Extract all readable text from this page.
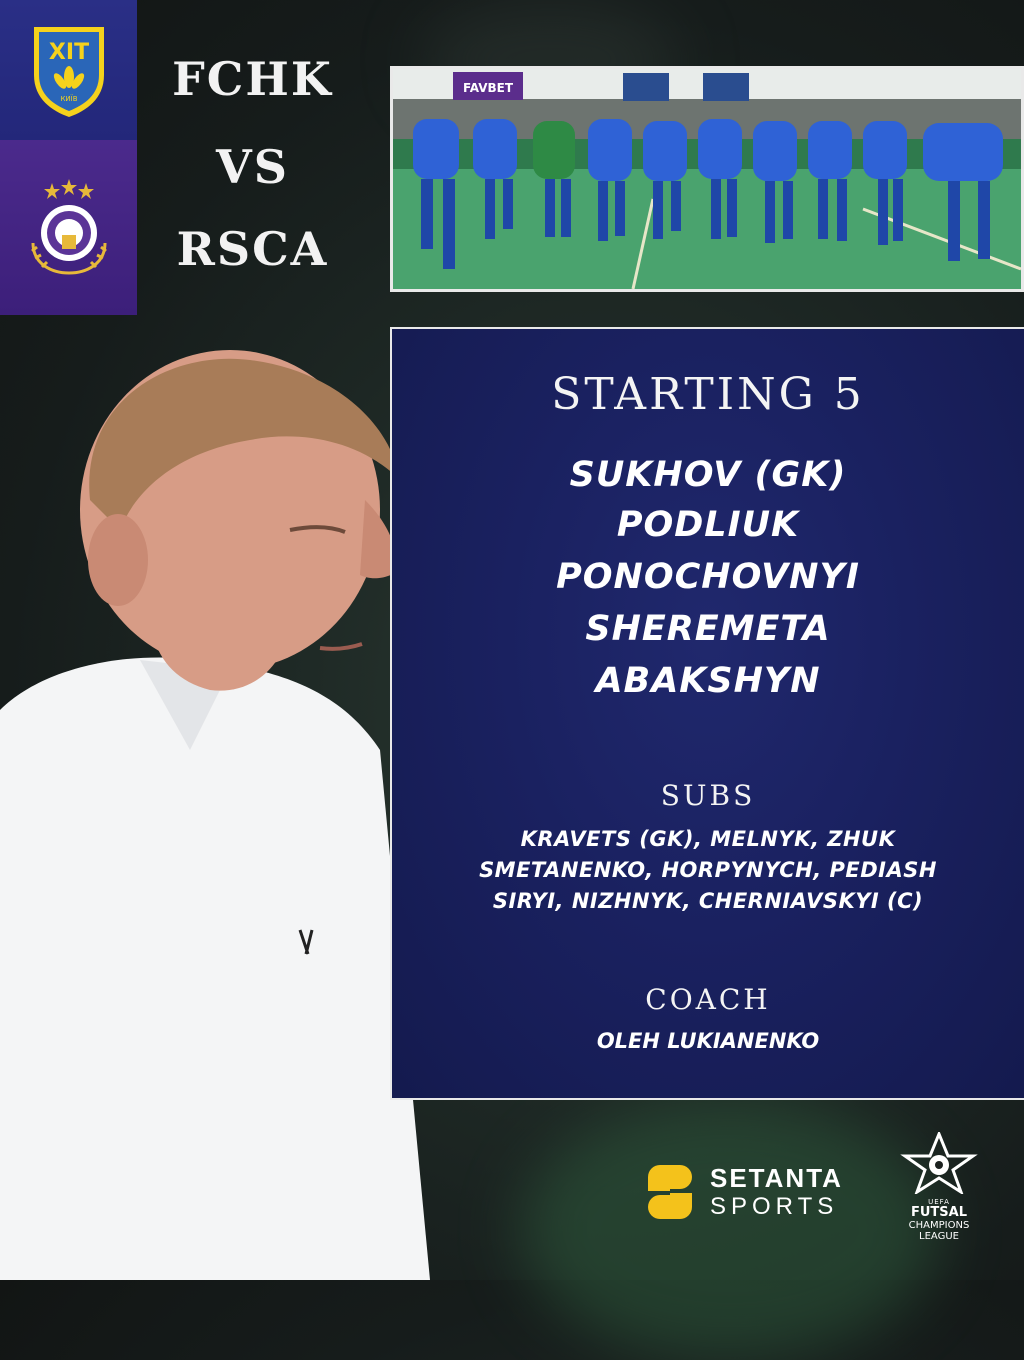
XIT
КИЇВ	FCHK
VS
RSCA
FAVBET
STARTING 5
SUKHOV (GK)
PODLIUK
PONOCHOVNYI
SHEREMETA
ABAKSHYN
SUBS
KRAVETS (GK), MELNYK, ZHUK
SMETANENKO, HORPYNYCH, PEDIASH
SIRYI, NIZHNYK, CHERNIAVSKYI (C)
COACH
OLEH LUKIANENKO
SETANTA
SPORTS	UEFA
FUTSAL
CHAMPIONS
LEAGUE
